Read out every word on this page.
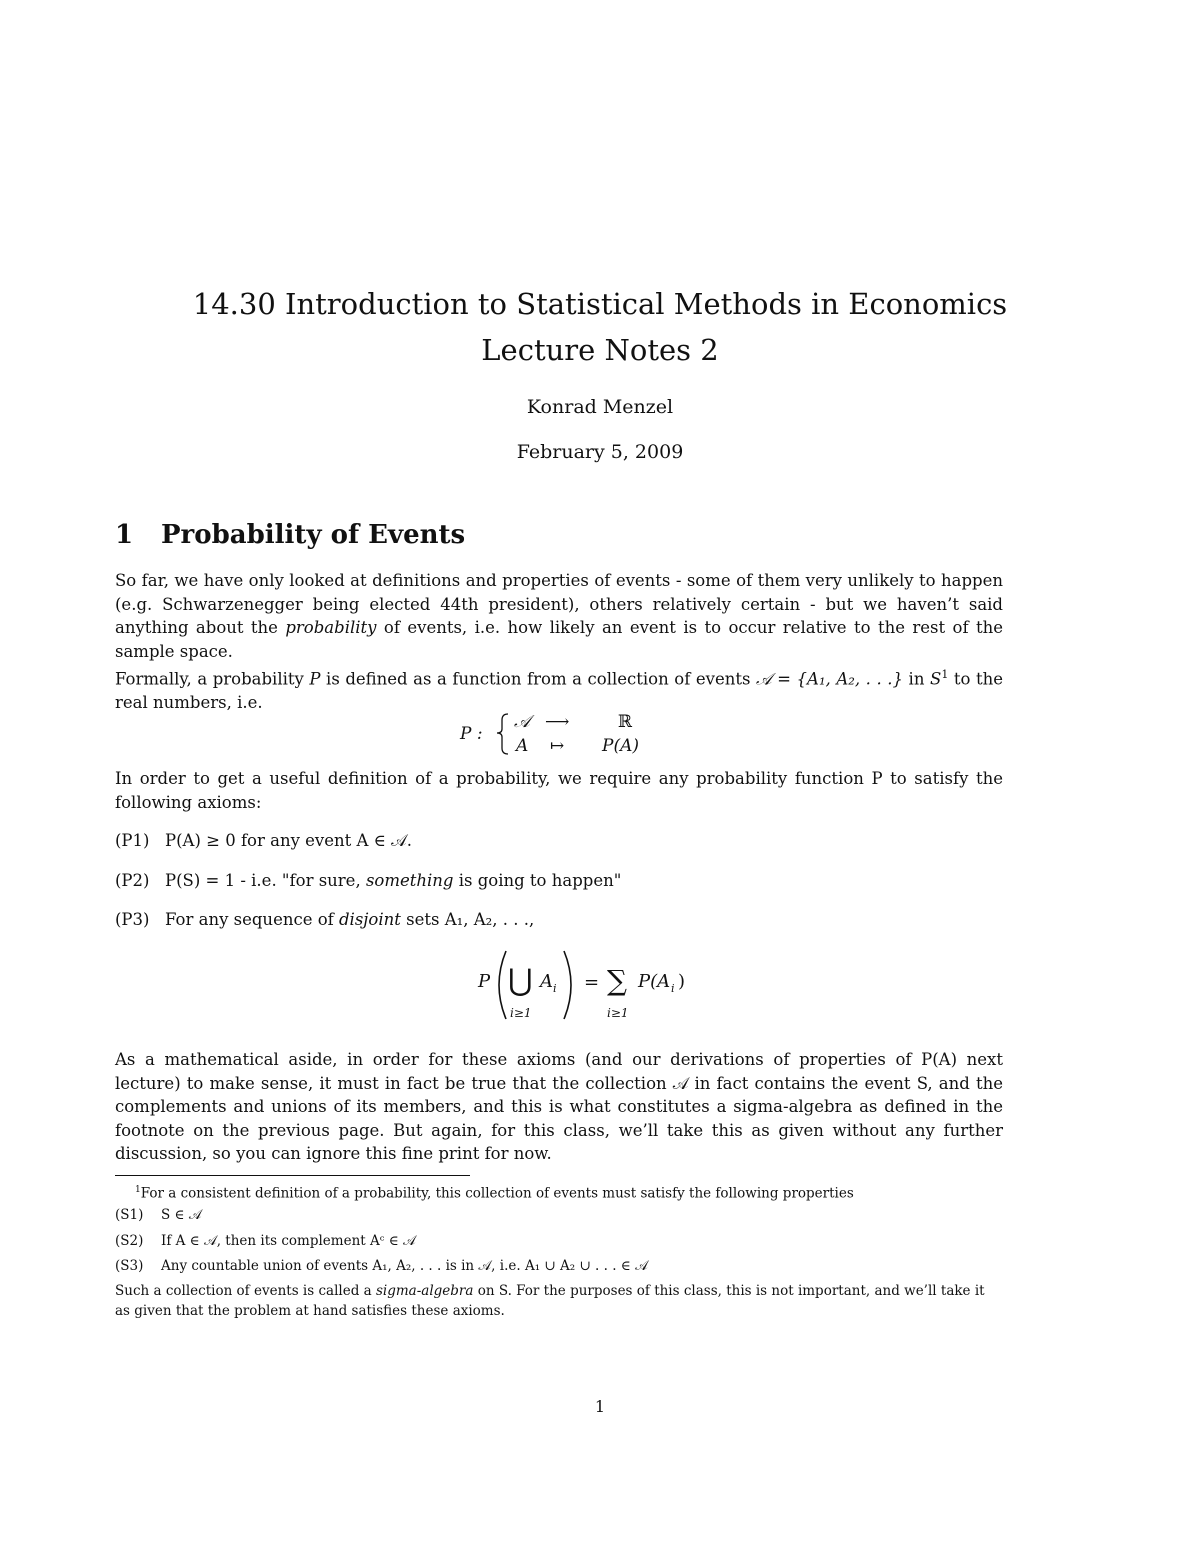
14.30 Introduction to Statistical Methods in Economics
Lecture Notes 2
Konrad Menzel
February 5, 2009
1 Probability of Events
So far, we have only looked at definitions and properties of events - some of them very unlikely to happen (e.g. Schwarzenegger being elected 44th president), others relatively certain - but we haven’t said anything about the probability of events, i.e. how likely an event is to occur relative to the rest of the sample space.
Formally, a probability P is defined as a function from a collection of events 𝒜 = {A₁, A₂, . . .} in $S^1$ to the real numbers, i.e.
P :
𝒜 ⟶	ℝ
A ↦ P(A)
In order to get a useful definition of a probability, we require any probability function P to satisfy the following axioms:
(P1) P(A) ≥ 0 for any event A ∈ 𝒜.
(P2) P(S) = 1 - i.e. "for sure, something is going to happen"
(P3) For any sequence of disjoint sets A₁, A₂, . . .,
P ⋃ A i
i≥1
= ∑
i≥1
P(A i )
As a mathematical aside, in order for these axioms (and our derivations of properties of P(A) next lecture) to make sense, it must in fact be true that the collection 𝒜 in fact contains the event S, and the complements and unions of its members, and this is what constitutes a sigma-algebra as defined in the footnote on the previous page. But again, for this class, we’ll take this as given without any further discussion, so you can ignore this fine print for now.
$^1$For a consistent definition of a probability, this collection of events must satisfy the following properties
(S1) S ∈ 𝒜
(S2) If A ∈ 𝒜, then its complement Aᶜ ∈ 𝒜
(S3) Any countable union of events A₁, A₂, . . . is in 𝒜, i.e. A₁ ∪ A₂ ∪ . . . ∈ 𝒜
Such a collection of events is called a sigma-algebra on S. For the purposes of this class, this is not important, and we’ll take it as given that the problem at hand satisfies these axioms.
1
